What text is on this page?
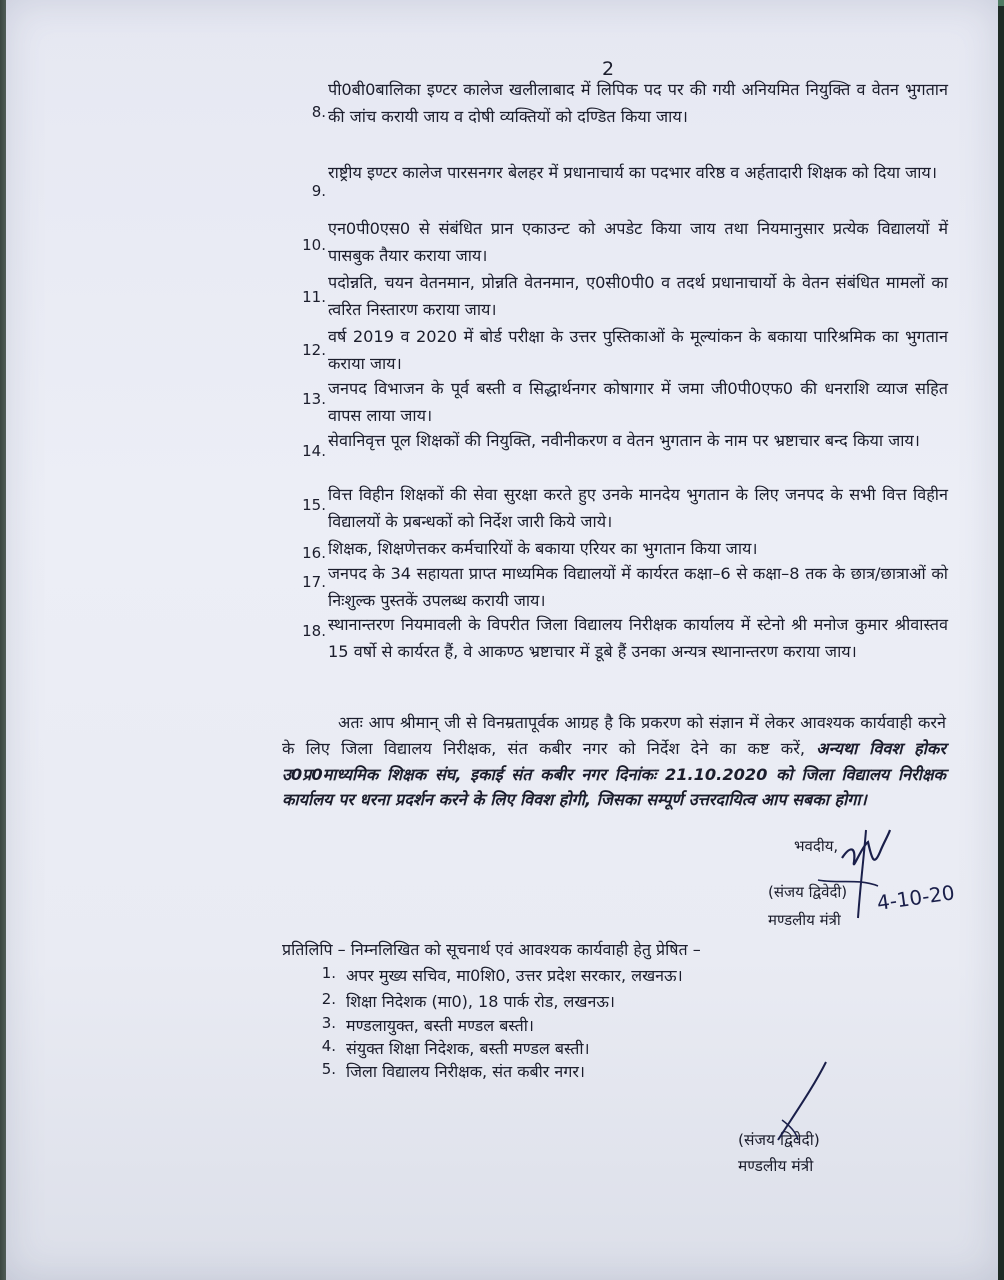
2
8.
पी0बी0बालिका इण्टर कालेज खलीलाबाद में लिपिक पद पर की गयी अनियमित नियुक्ति व वेतन भुगतान की जांच करायी जाय व दोषी व्यक्तियों को दण्डित किया जाय।
9.
राष्ट्रीय इण्टर कालेज पारसनगर बेलहर में प्रधानाचार्य का पदभार वरिष्ठ व अर्हतादारी शिक्षक को दिया जाय।
10.
एन0पी0एस0 से संबंधित प्रान एकाउन्ट को अपडेट किया जाय तथा नियमानुसार प्रत्येक विद्यालयों में पासबुक तैयार कराया जाय।
11.
पदोन्नति, चयन वेतनमान, प्रोन्नति वेतनमान, ए0सी0पी0 व तदर्थ प्रधानाचार्यो के वेतन संबंधित मामलों का त्वरित निस्तारण कराया जाय।
12.
वर्ष 2019 व 2020 में बोर्ड परीक्षा के उत्तर पुस्तिकाओं के मूल्यांकन के बकाया पारिश्रमिक का भुगतान कराया जाय।
13.
जनपद विभाजन के पूर्व बस्ती व सिद्धार्थनगर कोषागार में जमा जी0पी0एफ0 की धनराशि व्याज सहित वापस लाया जाय।
14.
सेवानिवृत्त पूल शिक्षकों की नियुक्ति, नवीनीकरण व वेतन भुगतान के नाम पर भ्रष्टाचार बन्द किया जाय।
15.
वित्त विहीन शिक्षकों की सेवा सुरक्षा करते हुए उनके मानदेय भुगतान के लिए जनपद के सभी वित्त विहीन विद्यालयों के प्रबन्धकों को निर्देश जारी किये जाये।
16. शिक्षक, शिक्षणेत्तकर कर्मचारियों के बकाया एरियर का भुगतान किया जाय।
17. जनपद के 34 सहायता प्राप्त माध्यमिक विद्यालयों में कार्यरत कक्षा–6 से कक्षा–8 तक के छात्र/छात्राओं को निःशुल्क पुस्तकें उपलब्ध करायी जाय।
18. स्थानान्तरण नियमावली के विपरीत जिला विद्यालय निरीक्षक कार्यालय में स्टेनो श्री मनोज कुमार श्रीवास्तव 15 वर्षो से कार्यरत हैं, वे आकण्ठ भ्रष्टाचार में डूबे हैं उनका अन्यत्र स्थानान्तरण कराया जाय।
अतः आप श्रीमान् जी से विनम्रतापूर्वक आग्रह है कि प्रकरण को संज्ञान में लेकर आवश्यक कार्यवाही करने के लिए जिला विद्यालय निरीक्षक, संत कबीर नगर को निर्देश देने का कष्ट करें, अन्यथा विवश होकर उ0प्र0माध्यमिक शिक्षक संघ, इकाई संत कबीर नगर दिनांकः 21.10.2020 को जिला विद्यालय निरीक्षक कार्यालय पर धरना प्रदर्शन करने के लिए विवश होगी, जिसका सम्पूर्ण उत्तरदायित्व आप सबका होगा।
भवदीय,
(संजय द्विवेदी)
मण्डलीय मंत्री
प्रतिलिपि – निम्नलिखित को सूचनार्थ एवं आवश्यक कार्यवाही हेतु प्रेषित –
1. अपर मुख्य सचिव, मा0शि0, उत्तर प्रदेश सरकार, लखनऊ।
2. शिक्षा निदेशक (मा0), 18 पार्क रोड, लखनऊ।
3. मण्डलायुक्त, बस्ती मण्डल बस्ती।
4. संयुक्त शिक्षा निदेशक, बस्ती मण्डल बस्ती।
5. जिला विद्यालय निरीक्षक, संत कबीर नगर।
(संजय द्विवेदी)
मण्डलीय मंत्री
4-10-20
